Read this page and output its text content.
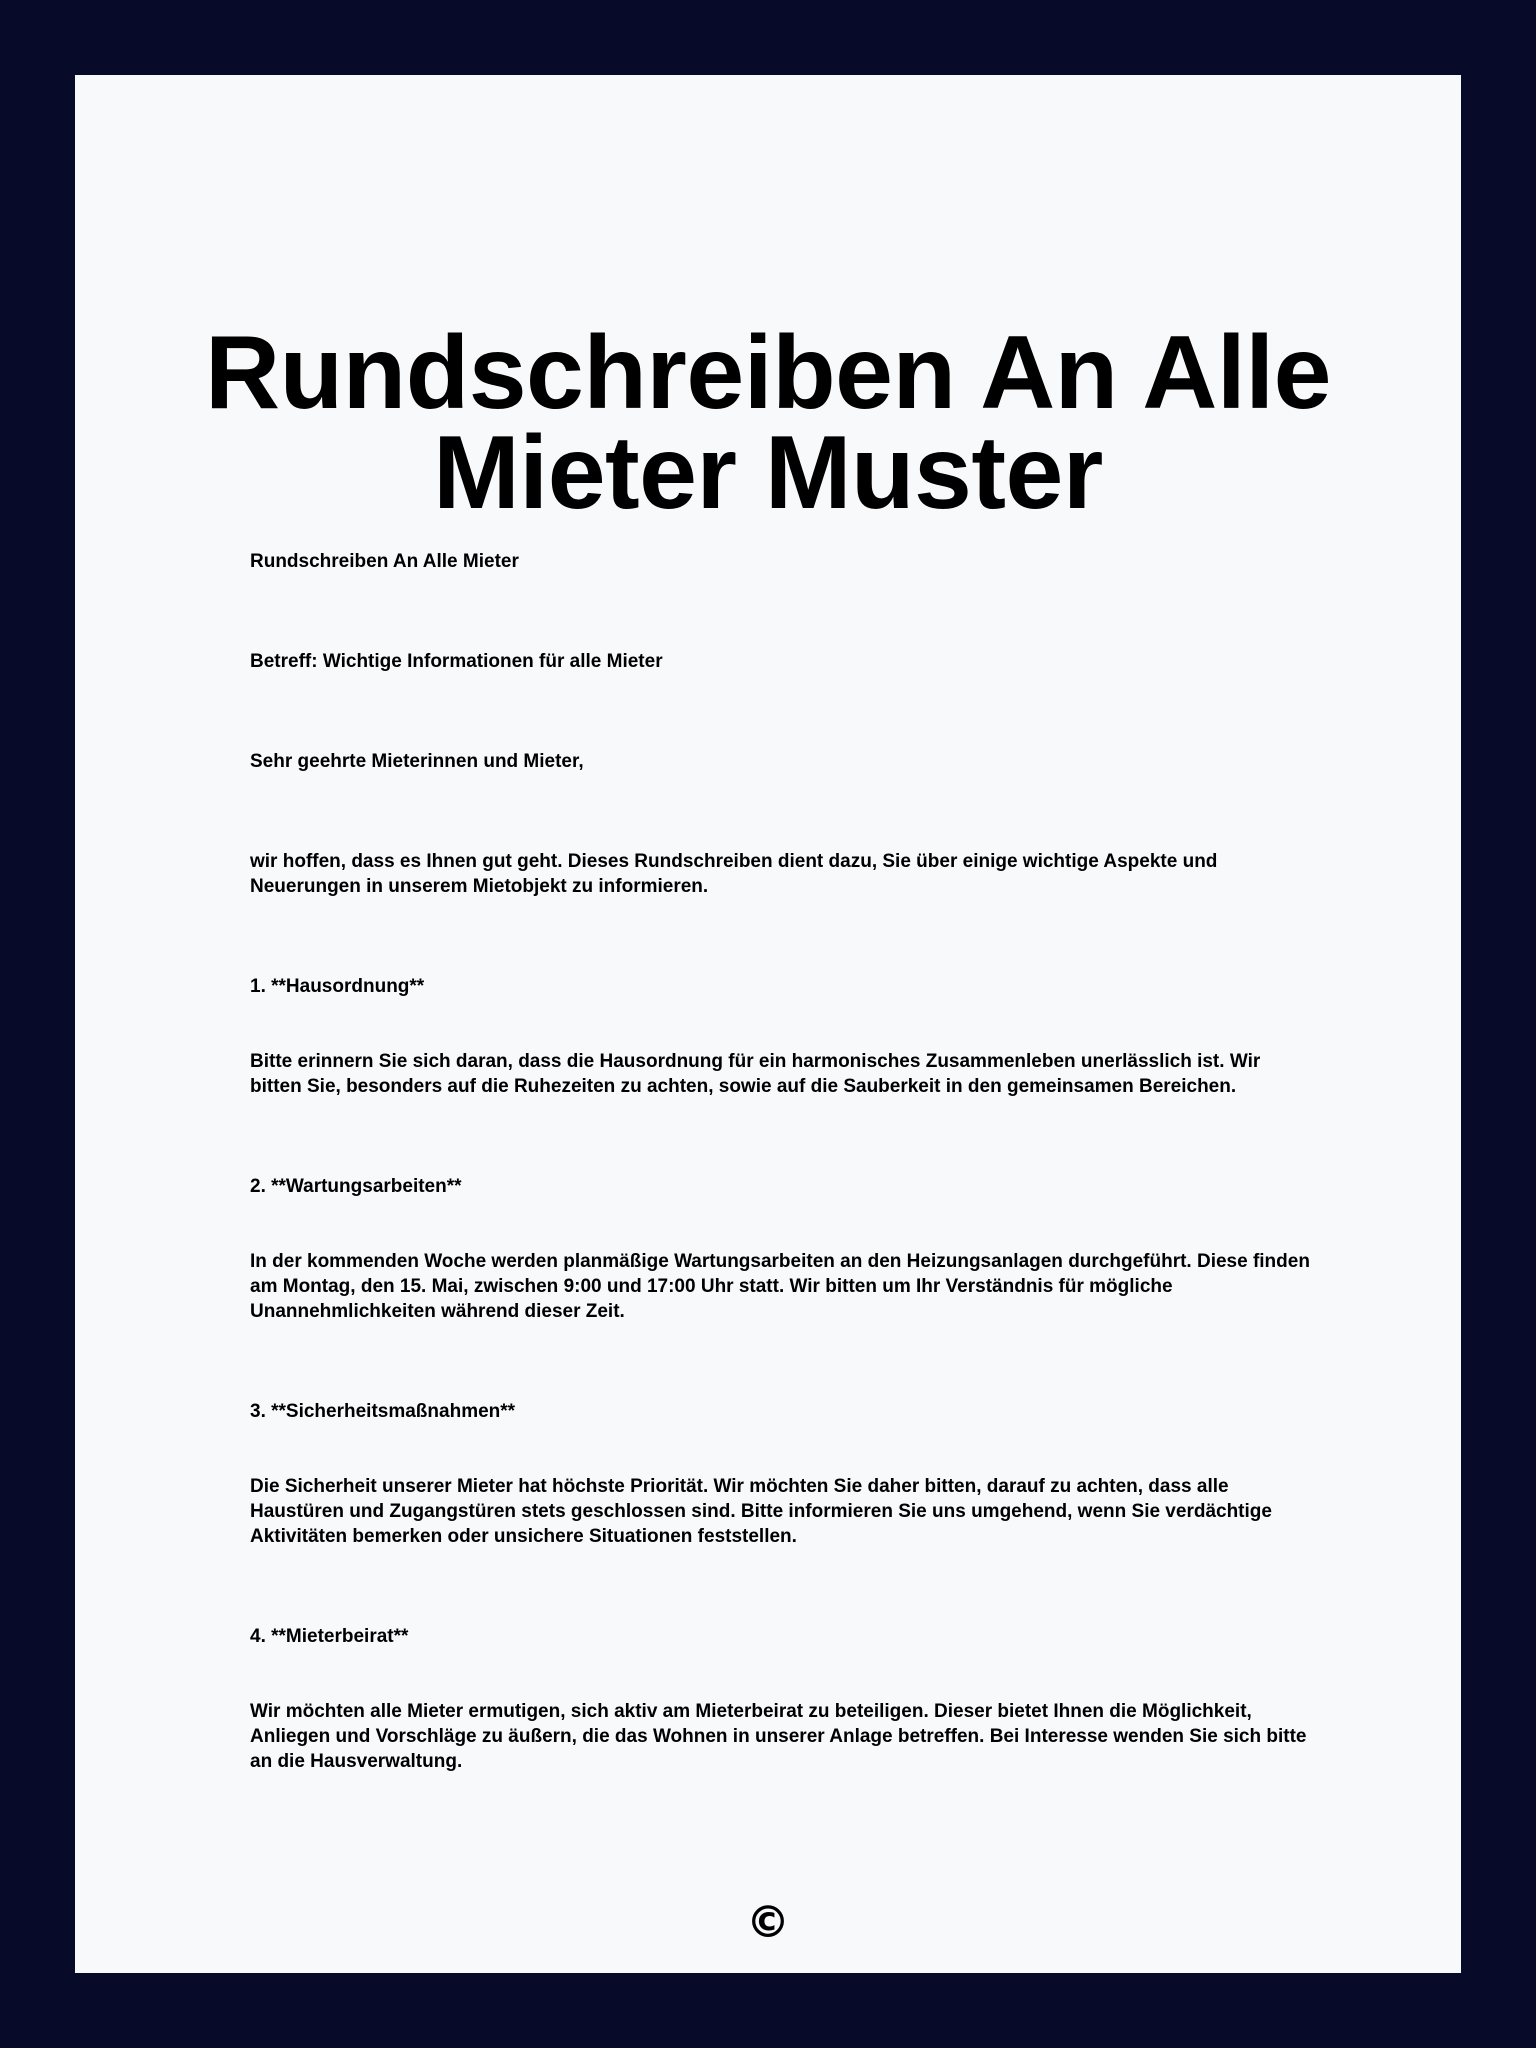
Rundschreiben An Alle Mieter Muster

Rundschreiben An Alle Mieter

Betreff: Wichtige Informationen für alle Mieter

Sehr geehrte Mieterinnen und Mieter,

wir hoffen, dass es Ihnen gut geht. Dieses Rundschreiben dient dazu, Sie über einige wichtige Aspekte und Neuerungen in unserem Mietobjekt zu informieren.

1. **Hausordnung**

Bitte erinnern Sie sich daran, dass die Hausordnung für ein harmonisches Zusammenleben unerlässlich ist. Wir bitten Sie, besonders auf die Ruhezeiten zu achten, sowie auf die Sauberkeit in den gemeinsamen Bereichen.

2. **Wartungsarbeiten**

In der kommenden Woche werden planmäßige Wartungsarbeiten an den Heizungsanlagen durchgeführt. Diese finden am Montag, den 15. Mai, zwischen 9:00 und 17:00 Uhr statt. Wir bitten um Ihr Verständnis für mögliche Unannehmlichkeiten während dieser Zeit.

3. **Sicherheitsmaßnahmen**

Die Sicherheit unserer Mieter hat höchste Priorität. Wir möchten Sie daher bitten, darauf zu achten, dass alle Haustüren und Zugangstüren stets geschlossen sind. Bitte informieren Sie uns umgehend, wenn Sie verdächtige Aktivitäten bemerken oder unsichere Situationen feststellen.

4. **Mieterbeirat**

Wir möchten alle Mieter ermutigen, sich aktiv am Mieterbeirat zu beteiligen. Dieser bietet Ihnen die Möglichkeit, Anliegen und Vorschläge zu äußern, die das Wohnen in unserer Anlage betreffen. Bei Interesse wenden Sie sich bitte an die Hausverwaltung.

©
